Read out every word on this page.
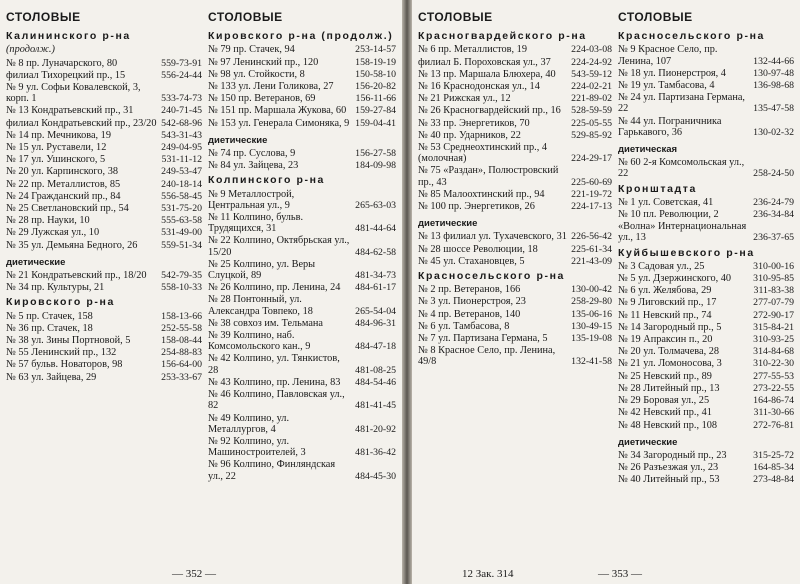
СТОЛОВЫЕ
Калининского р-на
(продолж.)
№ 8 пр. Луначарского, 80	559-73-91
филиал Тихорецкий пр., 15	556-24-44
№ 9 ул. Софьи Ковалевской, 3, корп. 1	533-74-73
№ 13 Кондратьевский пр., 31	240-71-45
филиал Кондратьевский пр., 23/20 542-68-96
№ 14 пр. Мечникова, 19	543-31-43
№ 15 ул. Руставели, 12	249-04-95
№ 17 ул. Ушинского, 5	531-11-12
№ 20 ул. Карпинского, 38	249-53-47
№ 22 пр. Металлистов, 85	240-18-14
№ 24 Гражданский пр., 84	556-58-45
№ 25 Светлановский пр., 54	531-75-20
№ 28 пр. Науки, 10	555-63-58
№ 29 Лужская ул., 10	531-49-00
№ 35 ул. Демьяна Бедного, 26	559-51-34
диетические
№ 21 Кондратьевский пр., 18/20	542-79-35
№ 34 пр. Культуры, 21	558-10-33
Кировского р-на
№ 5 пр. Стачек, 158	158-13-66
№ 36 пр. Стачек, 18	252-55-58
№ 38 ул. Зины Портновой, 5	158-08-44
№ 55 Ленинский пр., 132	254-88-83
№ 57 бульв. Новаторов, 98	156-64-00
№ 63 ул. Зайцева, 29	253-33-67
СТОЛОВЫЕ
Кировского р-на (продолж.)
№ 79 пр. Стачек, 94	253-14-57
№ 97 Ленинский пр., 120	158-19-19
№ 98 ул. Стойкости, 8	150-58-10
№ 133 ул. Лени Голикова, 27	156-20-82
№ 150 пр. Ветеранов, 69	156-11-66
№ 151 пр. Маршала Жукова, 60 159-27-84
№ 153 ул. Генерала Симоняка, 9 159-04-41
диетические
№ 74 пр. Суслова, 9	156-27-58
№ 84 ул. Зайцева, 23	184-09-98
Колпинского р-на
№ 9 Металлострой, Центральная ул., 9	265-63-03
№ 11 Колпино, бульв. Трудящихся, 31	481-44-64
№ 22 Колпино, Октябрьская ул., 15/20	484-62-58
№ 25 Колпино, ул. Веры Слуцкой, 89	481-34-73
№ 26 Колпино, пр. Ленина, 24	484-61-17
№ 28 Понтонный, ул. Александра Товпеко, 18	265-54-04
№ 38 совхоз им. Тельмана	484-96-31
№ 39 Колпино, наб. Комсомольского кан., 9	484-47-18
№ 42 Колпино, ул. Тянкистов, 28	481-08-25
№ 43 Колпино, пр. Ленина, 83	484-54-46
№ 46 Колпино, Павловская ул., 82	481-41-45
№ 49 Колпино, ул. Металлургов, 4	481-20-92
№ 92 Колпино, ул. Машиностроителей, 3	481-36-42
№ 96 Колпино, Финляндская ул., 22	484-45-30
— 352 —
СТОЛОВЫЕ
Красногвардейского р-на
№ 6 пр. Металлистов, 19	224-03-08
филиал Б. Пороховская ул., 37	224-24-92
№ 13 пр. Маршала Блюхера, 40	543-59-12
№ 16 Краснодонская ул., 14	224-02-21
№ 21 Рижская ул., 12	221-89-02
№ 26 Красногвардейский пр., 16	528-59-59
№ 33 пр. Энергетиков, 70	225-05-55
№ 40 пр. Ударников, 22	529-85-92
№ 53 Среднеохтинский пр., 4 (молочная)	224-29-17
№ 75 «Раздан», Полюстровский пр., 43	225-60-69
№ 85 Малоохтинский пр., 94	221-19-72
№ 100 пр. Энергетиков, 26	224-17-13
диетические
№ 13 филиал ул. Тухачевского, 31 226-56-42
№ 28 шоссе Революции, 18	225-61-34
№ 45 ул. Стахановцев, 5	221-43-09
Красносельского р-на
№ 2 пр. Ветеранов, 166	130-00-42
№ 3 ул. Пионерстроя, 23	258-29-80
№ 4 пр. Ветеранов, 140	135-06-16
№ 6 ул. Тамбасова, 8	130-49-15
№ 7 ул. Партизана Германа, 5	135-19-08
№ 8 Красное Село, пр. Ленина, 49/8	132-41-58
СТОЛОВЫЕ
Красносельского р-на
№ 9 Красное Село, пр. Ленина, 107	132-44-66
№ 18 ул. Пионерстроя, 4	130-97-48
№ 19 ул. Тамбасова, 4	136-98-68
№ 24 ул. Партизана Германа, 22	135-47-58
№ 44 ул. Пограничника Гарькавого, 36	130-02-32
диетическая
№ 60 2-я Комсомольская ул., 22	258-24-50
Кронштадта
№ 1 ул. Советская, 41	236-24-79
№ 10 пл. Революции, 2	236-34-84
«Волна» Интернациональная ул., 13	236-37-65
Куйбышевского р-на
№ 3 Садовая ул., 25	310-00-16
№ 5 ул. Дзержинского, 40	310-95-85
№ 6 ул. Желябова, 29	311-83-38
№ 9 Лиговский пр., 17	277-07-79
№ 11 Невский пр., 74	272-90-17
№ 14 Загородный пр., 5	315-84-21
№ 19 Апраксин п., 20	310-93-25
№ 20 ул. Толмачева, 28	314-84-68
№ 21 ул. Ломоносова, 3	310-22-30
№ 25 Невский пр., 89	277-55-53
№ 28 Литейный пр., 13	273-22-55
№ 29 Боровая ул., 25	164-86-74
№ 42 Невский пр., 41	311-30-66
№ 48 Невский пр., 108	272-76-81
диетические
№ 34 Загородный пр., 23	315-25-72
№ 26 Разъезжая ул., 23	164-85-34
№ 40 Литейный пр., 53	273-48-84
12 Зак. 314	— 353 —
